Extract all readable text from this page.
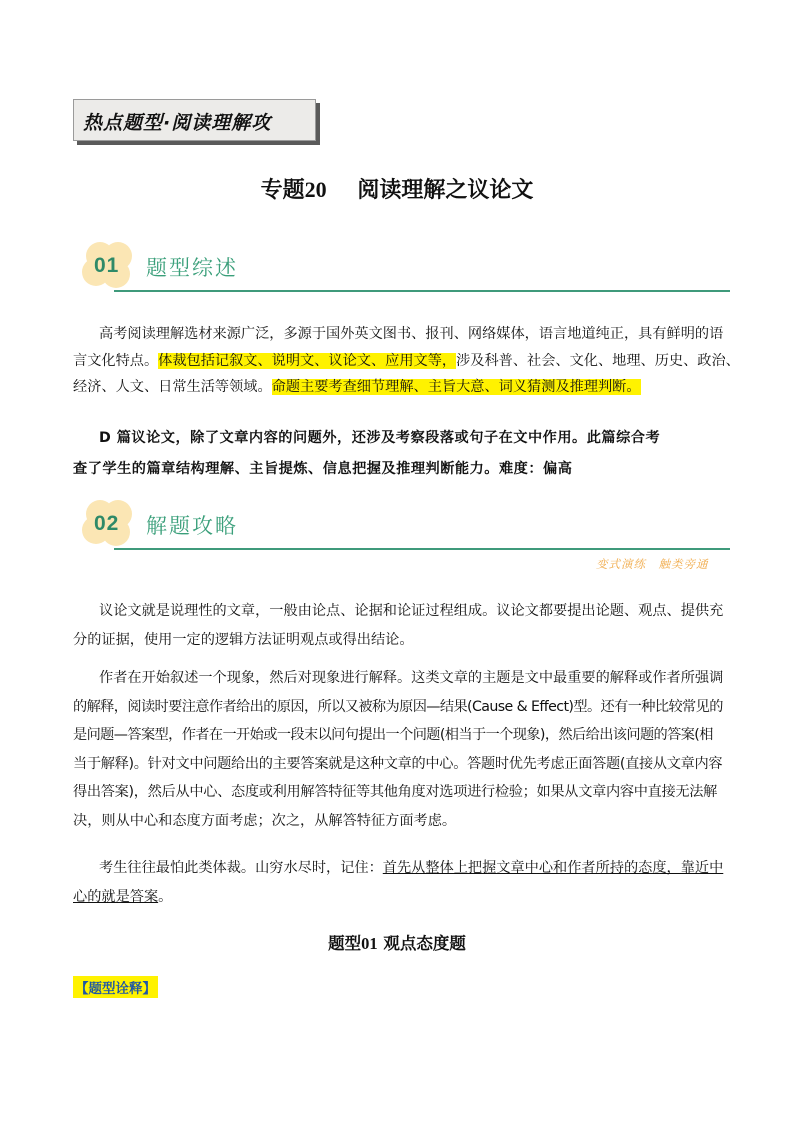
热点题型·阅读理解攻
专题20 阅读理解之议论文
01 题型综述
高考阅读理解选材来源广泛，多源于国外英文图书、报刊、网络媒体，语言地道纯正，具有鲜明的语
言文化特点。体裁包括记叙文、说明文、议论文、应用文等，涉及科普、社会、文化、地理、历史、政治、
经济、人文、日常生活等领域。命题主要考查细节理解、主旨大意、词义猜测及推理判断。
D 篇议论文，除了文章内容的问题外，还涉及考察段落或句子在文中作用。此篇综合考
查了学生的篇章结构理解、主旨提炼、信息把握及推理判断能力。难度：偏高
02 解题攻略
变式演练　触类旁通
议论文就是说理性的文章，一般由论点、论据和论证过程组成。议论文都要提出论题、观点、提供充
分的证据，使用一定的逻辑方法证明观点或得出结论。
作者在开始叙述一个现象，然后对现象进行解释。这类文章的主题是文中最重要的解释或作者所强调
的解释，阅读时要注意作者给出的原因，所以又被称为原因—结果(Cause & Effect)型。还有一种比较常见的
是问题—答案型，作者在一开始或一段末以问句提出一个问题(相当于一个现象)，然后给出该问题的答案(相
当于解释)。针对文中问题给出的主要答案就是这种文章的中心。答题时优先考虑正面答题(直接从文章内容
得出答案)，然后从中心、态度或利用解答特征等其他角度对选项进行检验；如果从文章内容中直接无法解
决，则从中心和态度方面考虑；次之，从解答特征方面考虑。
考生往往最怕此类体裁。山穷水尽时，记住：首先从整体上把握文章中心和作者所持的态度，靠近中
心的就是答案。
题型01 观点态度题
【题型诠释】
